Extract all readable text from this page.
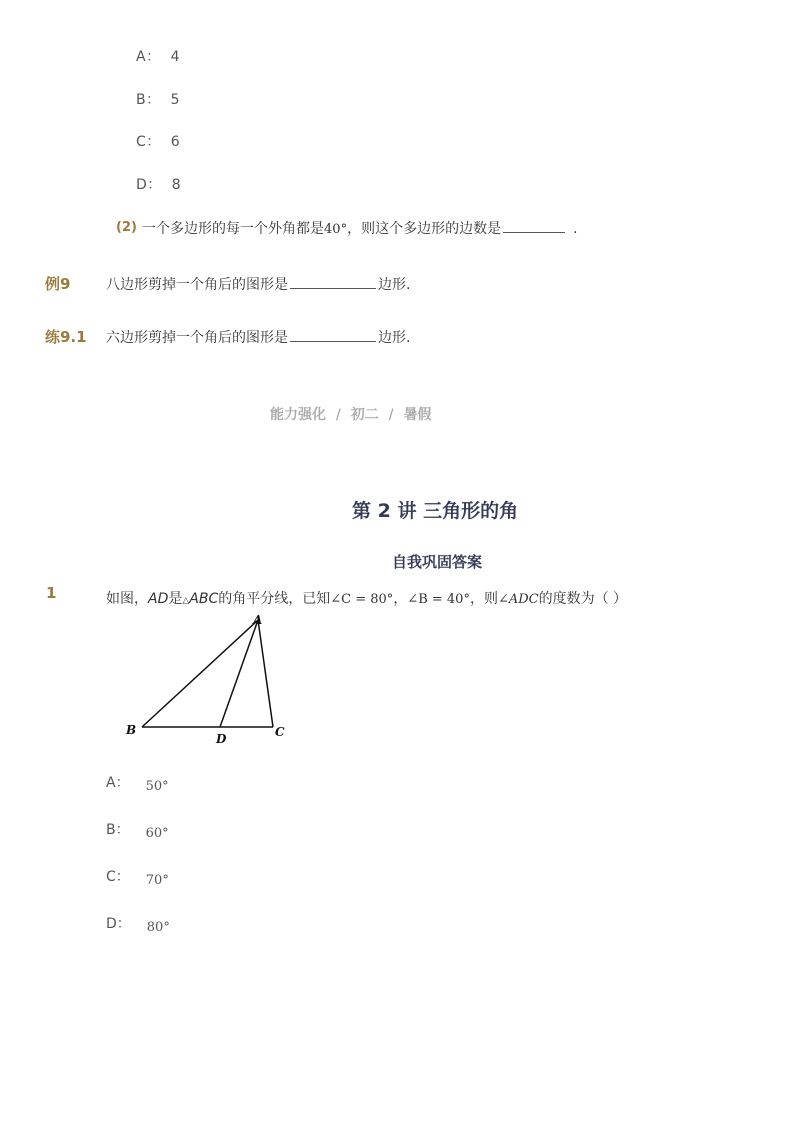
A： 4
B： 5
C： 6
D： 8
(2) 一个多边形的每一个外角都是40°，则这个多边形的边数是	.
例9	八边形剪掉一个角后的图形是	边形.
练9.1 六边形剪掉一个角后的图形是	边形.
能力强化 / 初二 / 暑假
第 2 讲 三角形的角
自我巩固答案
1	如图，AD是△ABC的角平分线，已知∠C = 80°，∠B = 40°，则∠ADC的度数为（ ）
A
B
D	C
A： 50°
B： 60°
C： 70°
D： 80°
